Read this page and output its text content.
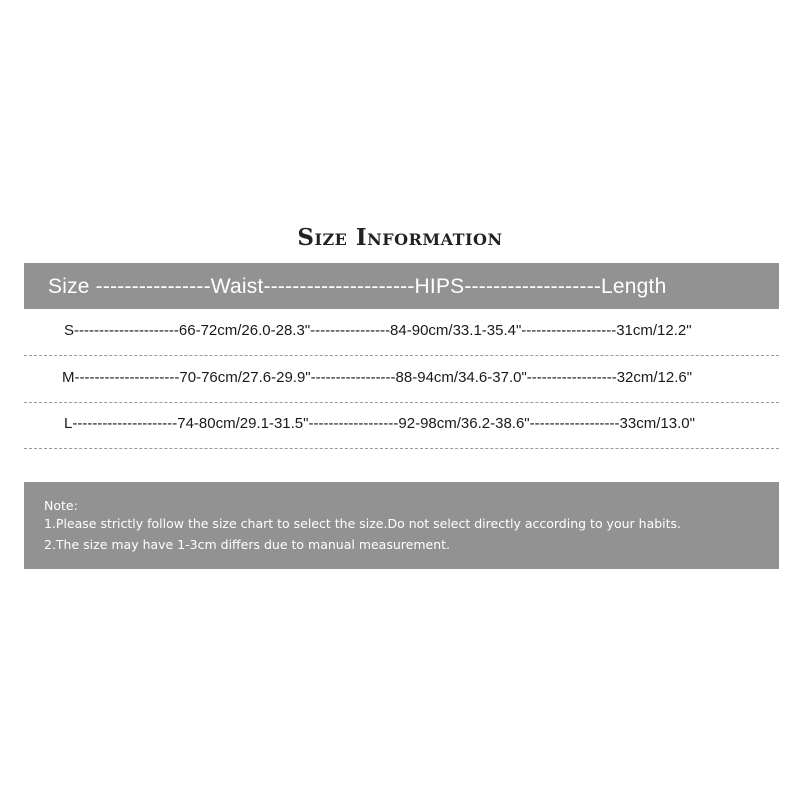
Size Information
Size ----------------Waist---------------------HIPS-------------------Length
S---------------------66-72cm/26.0-28.3"----------------84-90cm/33.1-35.4"-------------------31cm/12.2"
M---------------------70-76cm/27.6-29.9"-----------------88-94cm/34.6-37.0"------------------32cm/12.6"
L---------------------74-80cm/29.1-31.5"------------------92-98cm/36.2-38.6"------------------33cm/13.0"
Note:
1.Please strictly follow the size chart to select the size.Do not select directly according to your habits.
2.The size may have 1-3cm differs due to manual measurement.
